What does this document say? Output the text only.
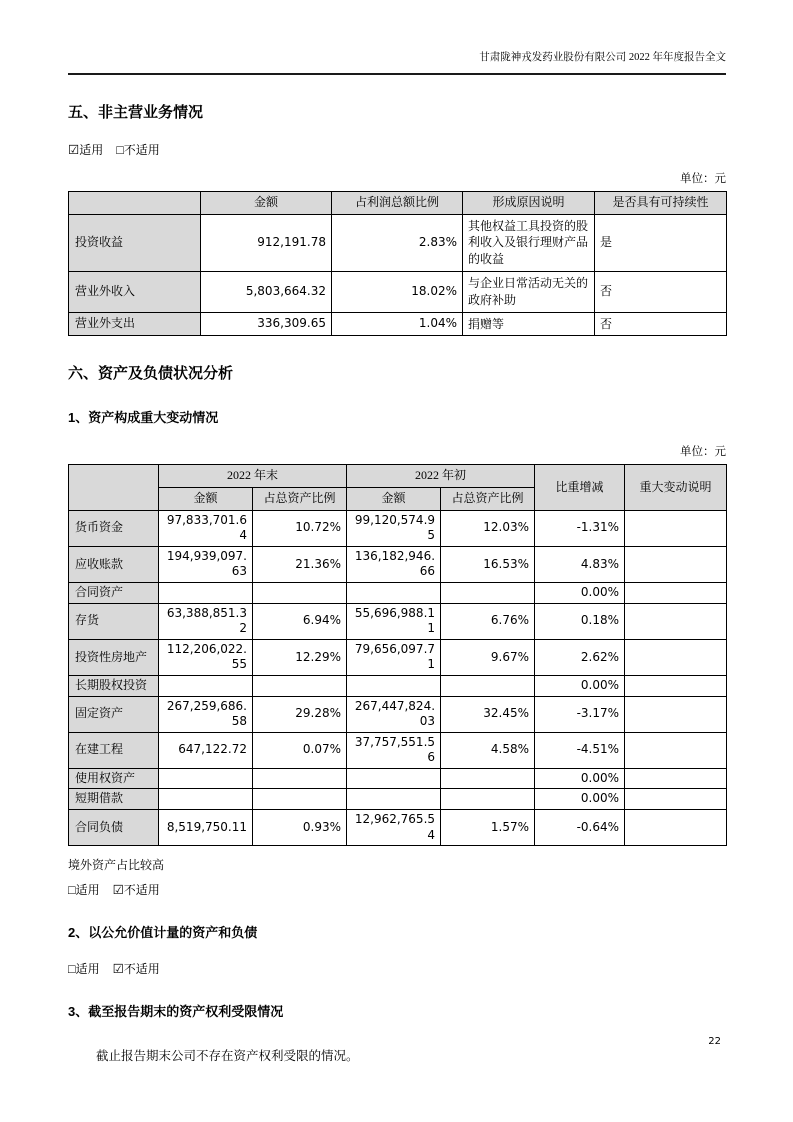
甘肃陇神戎发药业股份有限公司 2022 年年度报告全文
五、非主营业务情况
☑适用 □不适用
单位：元
	金额	占利润总额比例	形成原因说明	是否具有可持续性
投资收益	912,191.78	2.83%	其他权益工具投资的股利收入及银行理财产品的收益	是
营业外收入	5,803,664.32	18.02%	与企业日常活动无关的政府补助	否
营业外支出	336,309.65	1.04%	捐赠等	否
六、资产及负债状况分析
1、资产构成重大变动情况
单位：元
	2022 年末		2022 年初		比重增减	重大变动说明
	金额	占总资产比例	金额	占总资产比例		
货币资金	97,833,701.64	10.72%	99,120,574.95	12.03%	-1.31%	
应收账款	194,939,097.63	21.36%	136,182,946.66	16.53%	4.83%	
合同资产					0.00%	
存货	63,388,851.32	6.94%	55,696,988.11	6.76%	0.18%	
投资性房地产	112,206,022.55	12.29%	79,656,097.71	9.67%	2.62%	
长期股权投资					0.00%	
固定资产	267,259,686.58	29.28%	267,447,824.03	32.45%	-3.17%	
在建工程	647,122.72	0.07%	37,757,551.56	4.58%	-4.51%	
使用权资产					0.00%	
短期借款					0.00%	
合同负债	8,519,750.11	0.93%	12,962,765.54	1.57%	-0.64%	
境外资产占比较高
□适用 ☑不适用
2、以公允价值计量的资产和负债
□适用 ☑不适用
3、截至报告期末的资产权利受限情况
截止报告期末公司不存在资产权利受限的情况。
22
